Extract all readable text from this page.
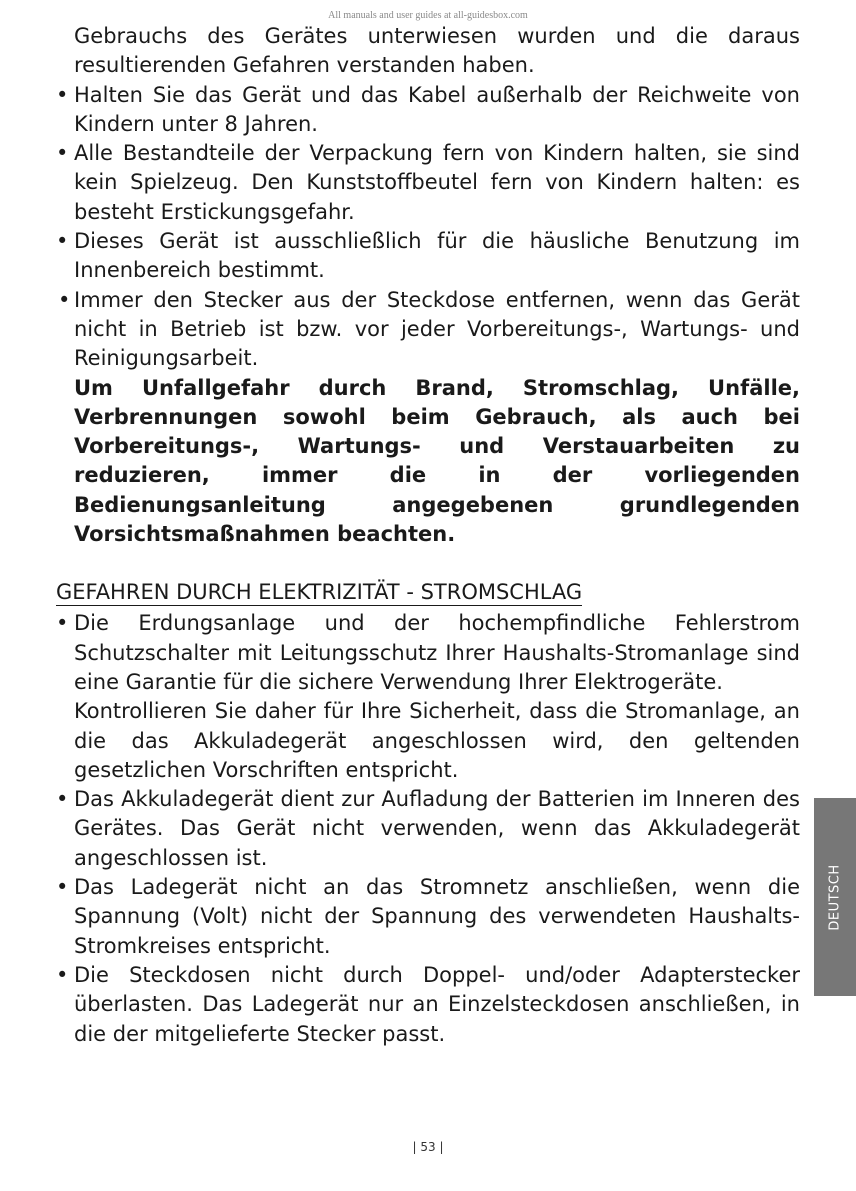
All manuals and user guides at all-guidesbox.com

Gebrauchs des Gerätes unterwiesen wurden und die daraus resultierenden Gefahren verstanden haben.

• Halten Sie das Gerät und das Kabel außerhalb der Reichweite von Kindern unter 8 Jahren.

• Alle Bestandteile der Verpackung fern von Kindern halten, sie sind kein Spielzeug. Den Kunststoffbeutel fern von Kindern halten: es besteht Erstickungsgefahr.

• Dieses Gerät ist ausschließlich für die häusliche Benutzung im Innenbereich bestimmt.

• Immer den Stecker aus der Steckdose entfernen, wenn das Gerät nicht in Betrieb ist bzw. vor jeder Vorbereitungs-, Wartungs- und Reinigungsarbeit.

Um Unfallgefahr durch Brand, Stromschlag, Unfälle, Verbrennungen sowohl beim Gebrauch, als auch bei Vorbereitungs-, Wartungs- und Verstauarbeiten zu reduzieren, immer die in der vorliegenden Bedienungsanleitung angegebenen grundlegenden Vorsichtsmaßnahmen beachten.

GEFAHREN DURCH ELEKTRIZITÄT - STROMSCHLAG

• Die Erdungsanlage und der hochempfindliche Fehlerstrom Schutzschalter mit Leitungsschutz Ihrer Haushalts-Stromanlage sind eine Garantie für die sichere Verwendung Ihrer Elektrogeräte.

Kontrollieren Sie daher für Ihre Sicherheit, dass die Stromanlage, an die das Akkuladegerät angeschlossen wird, den geltenden gesetzlichen Vorschriften entspricht.

• Das Akkuladegerät dient zur Aufladung der Batterien im Inneren des Gerätes. Das Gerät nicht verwenden, wenn das Akkuladegerät angeschlossen ist.

• Das Ladegerät nicht an das Stromnetz anschließen, wenn die Spannung (Volt) nicht der Spannung des verwendeten Haushalts-Stromkreises entspricht.

• Die Steckdosen nicht durch Doppel- und/oder Adapterstecker überlasten. Das Ladegerät nur an Einzelsteckdosen anschließen, in die der mitgelieferte Stecker passt.

DEUTSCH
| 53 |
